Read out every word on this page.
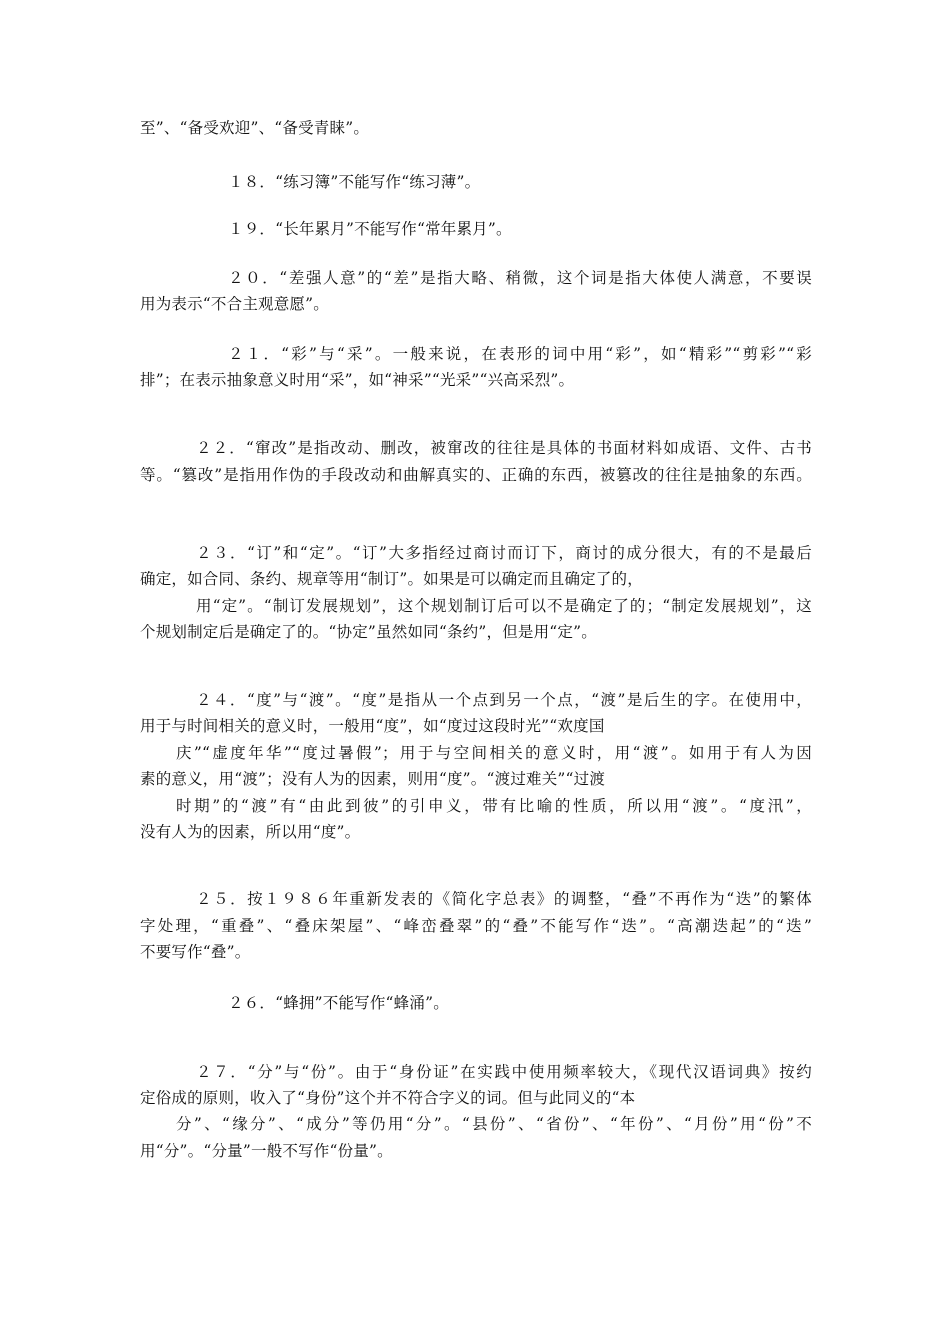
至”、“备受欢迎”、“备受青睐”。
１８．“练习簿”不能写作“练习薄”。
１９．“长年累月”不能写作“常年累月”。
２０．“差强人意”的“差”是指大略、稍微，这个词是指大体使人满意，不要误
用为表示“不合主观意愿”。
２１．“彩”与“采”。一般来说，在表形的词中用“彩”，如“精彩”“剪彩”“彩
排”；在表示抽象意义时用“采”，如“神采”“光采”“兴高采烈”。
２２．“窜改”是指改动、删改，被窜改的往往是具体的书面材料如成语、文件、古书
等。“篡改”是指用作伪的手段改动和曲解真实的、正确的东西，被篡改的往往是抽象的东西。
２３．“订”和“定”。“订”大多指经过商讨而订下，商讨的成分很大，有的不是最后
确定，如合同、条约、规章等用“制订”。如果是可以确定而且确定了的，
用“定”。“制订发展规划”，这个规划制订后可以不是确定了的；“制定发展规划”，这
个规划制定后是确定了的。“协定”虽然如同“条约”，但是用“定”。
２４．“度”与“渡”。“度”是指从一个点到另一个点，“渡”是后生的字。在使用中，
用于与时间相关的意义时，一般用“度”，如“度过这段时光”“欢度国
庆”“虚度年华”“度过暑假”；用于与空间相关的意义时，用“渡”。如用于有人为因
素的意义，用“渡”；没有人为的因素，则用“度”。“渡过难关”“过渡
时期”的“渡”有“由此到彼”的引申义，带有比喻的性质，所以用“渡”。“度汛”，
没有人为的因素，所以用“度”。
２５．按１９８６年重新发表的《简化字总表》的调整，“叠”不再作为“迭”的繁体
字处理，“重叠”、“叠床架屋”、“峰峦叠翠”的“叠”不能写作“迭”。“高潮迭起”的“迭”
不要写作“叠”。
２６．“蜂拥”不能写作“蜂涌”。
２７．“分”与“份”。由于“身份证”在实践中使用频率较大，《现代汉语词典》按约
定俗成的原则，收入了“身份”这个并不符合字义的词。但与此同义的“本
分”、“缘分”、“成分”等仍用“分”。“县份”、“省份”、“年份”、“月份”用“份”不
用“分”。“分量”一般不写作“份量”。
